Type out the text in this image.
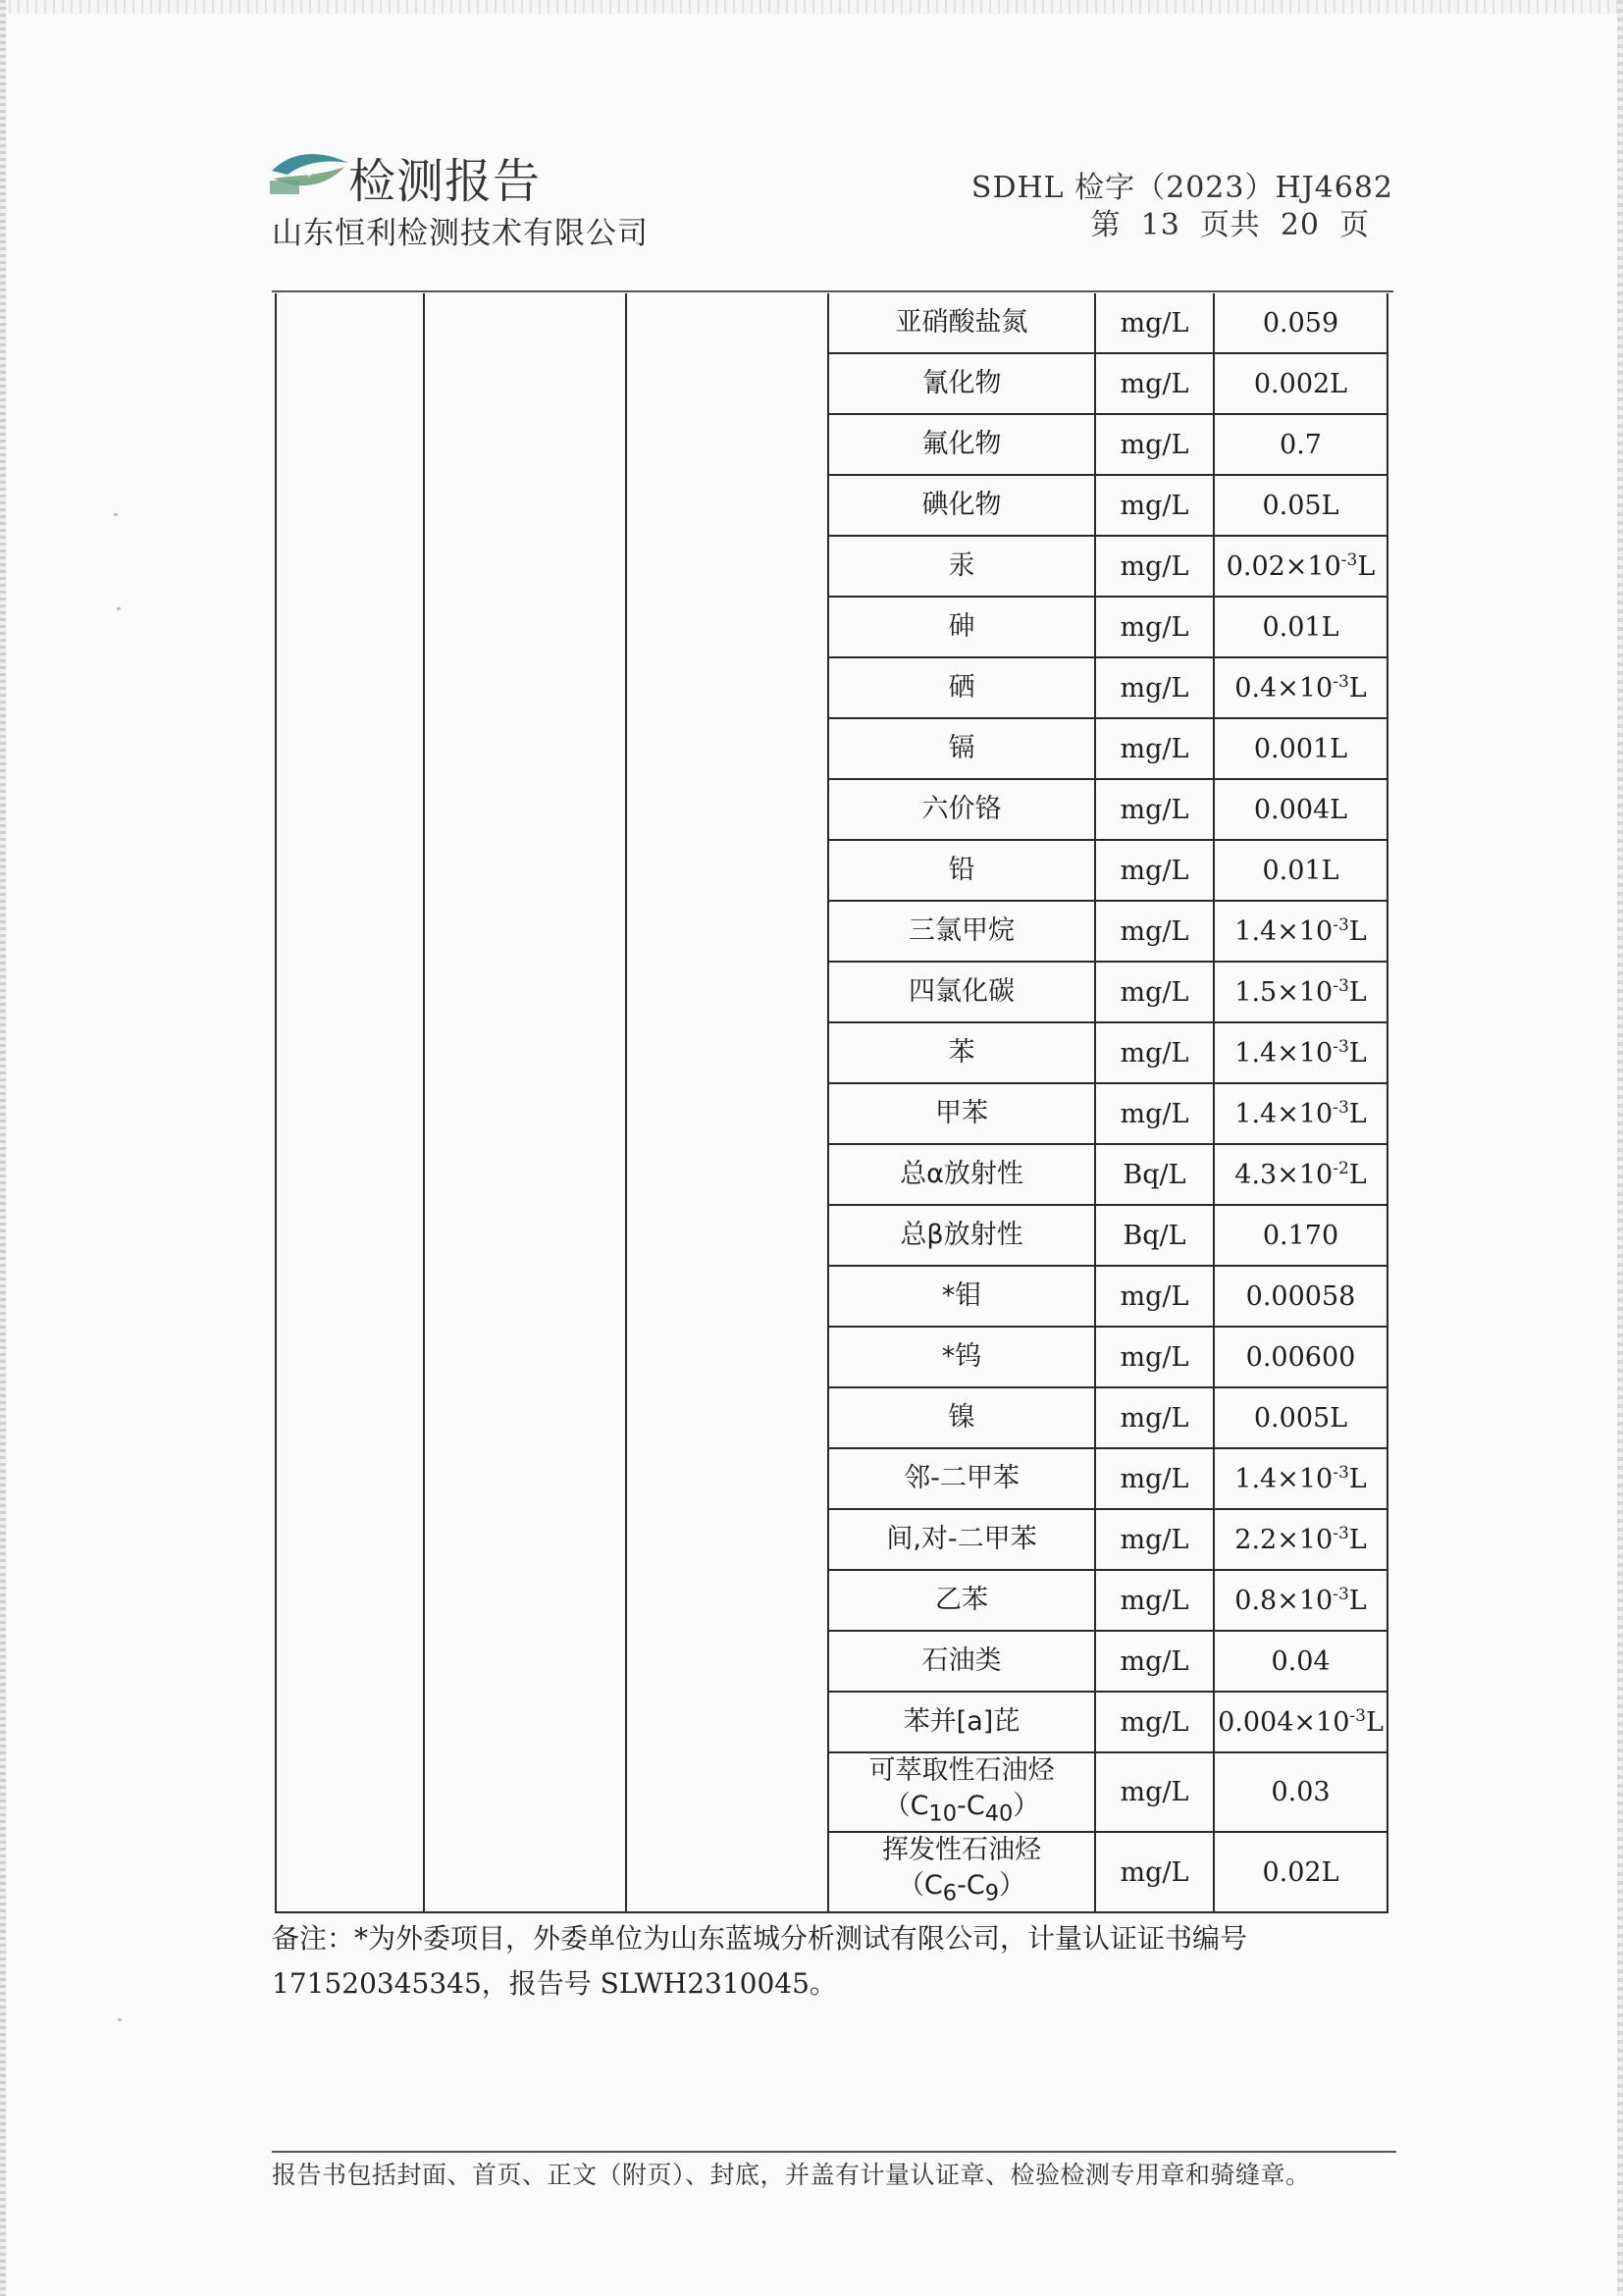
检测报告
山东恒利检测技术有限公司
SDHL 检字（2023）HJ4682
第 13 页共 20 页
			亚硝酸盐氮	mg/L	0.059
			氰化物	mg/L	0.002L
			氟化物	mg/L	0.7
			碘化物	mg/L	0.05L
			汞	mg/L	$0.02\times 10^{-3}L$
			砷	mg/L	0.01L
			硒	mg/L	$0.4\times 10^{-3}L$
			镉	mg/L	0.001L
			六价铬	mg/L	0.004L
			铅	mg/L	0.01L
			三氯甲烷	mg/L	$1.4\times 10^{-3}L$
			四氯化碳	mg/L	$1.5\times 10^{-3}L$
			苯	mg/L	$1.4\times 10^{-3}L$
			甲苯	mg/L	$1.4\times 10^{-3}L$
			总α放射性	Bq/L	$4.3\times 10^{-2}L$
			总β放射性	Bq/L	0.170
			*钼	mg/L	0.00058
			*钨	mg/L	0.00600
			镍	mg/L	0.005L
			邻-二甲苯	mg/L	$1.4\times 10^{-3}L$
			间,对-二甲苯	mg/L	$2.2\times 10^{-3}L$
			乙苯	mg/L	$0.8\times 10^{-3}L$
			石油类	mg/L	0.04
			苯并[a]芘	mg/L	$0.004\times 10^{-3}L$

			可萃取性石油烃
$(C_{10}-C_{40})$	mg/L	0.03

			挥发性石油烃
$(C_6-C_9)$	mg/L	0.02L
备注：*为外委项目，外委单位为山东蓝城分析测试有限公司，计量认证证书编号
171520345345，报告号 SLWH2310045。
报告书包括封面、首页、正文（附页）、封底，并盖有计量认证章、检验检测专用章和骑缝章。
